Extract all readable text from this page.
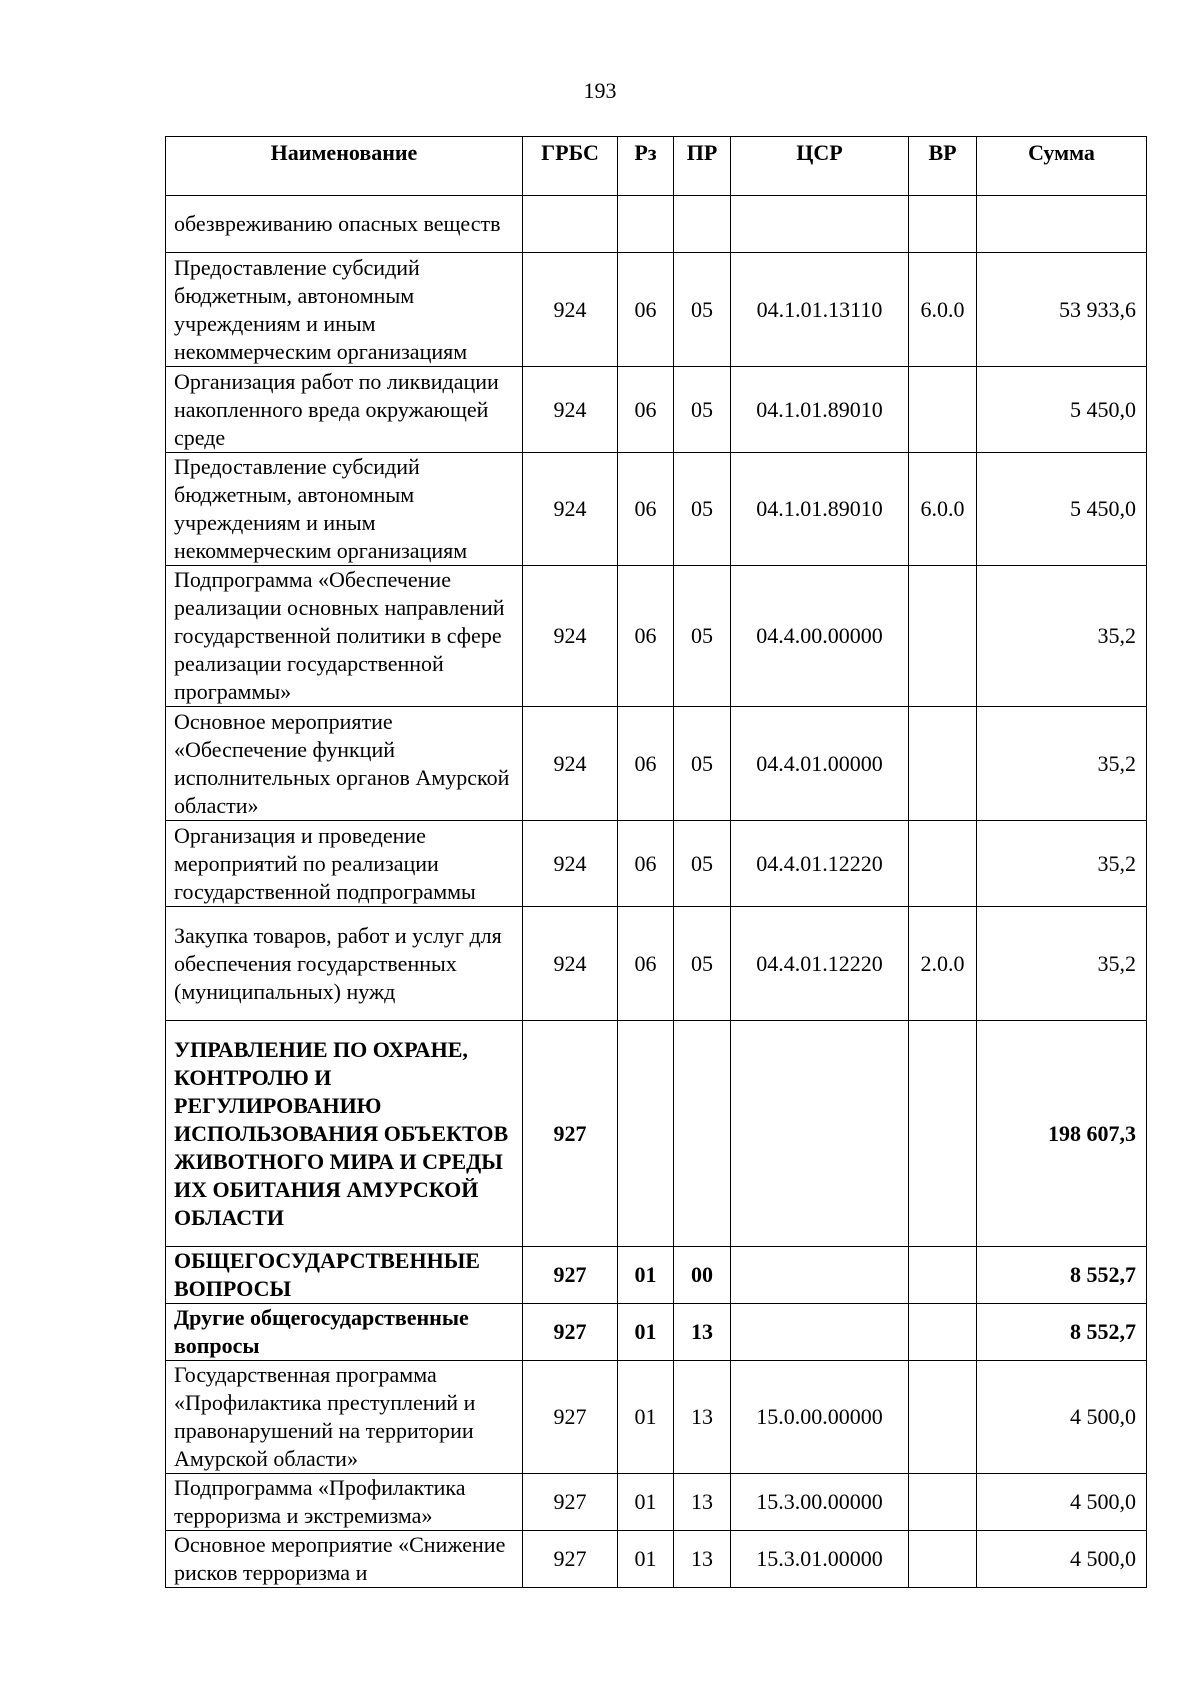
193
Наименование	ГРБС	Рз	ПР	ЦСР	ВР	Сумма
обезвреживанию опасных веществ						
Предоставление субсидий бюджетным, автономным учреждениям и иным некоммерческим организациям	924	06	05	04.1.01.13110	6.0.0	53 933,6
Организация работ по ликвидации накопленного вреда окружающей среде	924	06	05	04.1.01.89010		5 450,0
Предоставление субсидий бюджетным, автономным учреждениям и иным некоммерческим организациям	924	06	05	04.1.01.89010	6.0.0	5 450,0
Подпрограмма «Обеспечение реализации основных направлений государственной политики в сфере реализации государственной программы»	924	06	05	04.4.00.00000		35,2
Основное мероприятие «Обеспечение функций исполнительных органов Амурской области»	924	06	05	04.4.01.00000		35,2
Организация и проведение мероприятий по реализации государственной подпрограммы	924	06	05	04.4.01.12220		35,2
Закупка товаров, работ и услуг для обеспечения государственных (муниципальных) нужд	924	06	05	04.4.01.12220	2.0.0	35,2
УПРАВЛЕНИЕ ПО ОХРАНЕ, КОНТРОЛЮ И РЕГУЛИРОВАНИЮ ИСПОЛЬЗОВАНИЯ ОБЪЕКТОВ ЖИВОТНОГО МИРА И СРЕДЫ ИХ ОБИТАНИЯ АМУРСКОЙ ОБЛАСТИ	927					198 607,3
ОБЩЕГОСУДАРСТВЕННЫЕ ВОПРОСЫ	927	01	00			8 552,7
Другие общегосударственные вопросы	927	01	13			8 552,7
Государственная программа «Профилактика преступлений и правонарушений на территории Амурской области»	927	01	13	15.0.00.00000		4 500,0
Подпрограмма «Профилактика терроризма и экстремизма»	927	01	13	15.3.00.00000		4 500,0
Основное мероприятие «Снижение рисков терроризма и	927	01	13	15.3.01.00000		4 500,0
